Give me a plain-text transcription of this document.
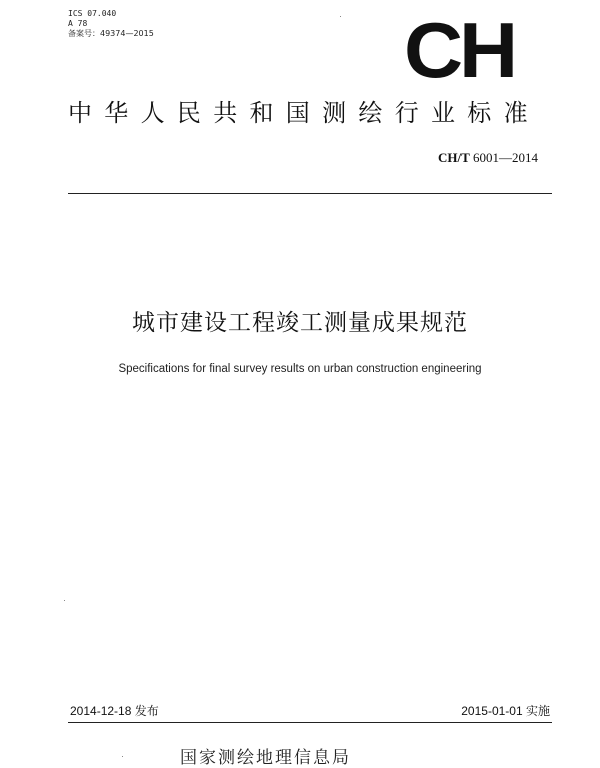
ICS 07.040
A 78
备案号：49374—2015	CH
中华人民共和国测绘行业标准
CH/T 6001—2014
城市建设工程竣工测量成果规范
Specifications for final survey results on urban construction engineering
2014-12-18 发布	2015-01-01 实施
国家测绘地理信息局
